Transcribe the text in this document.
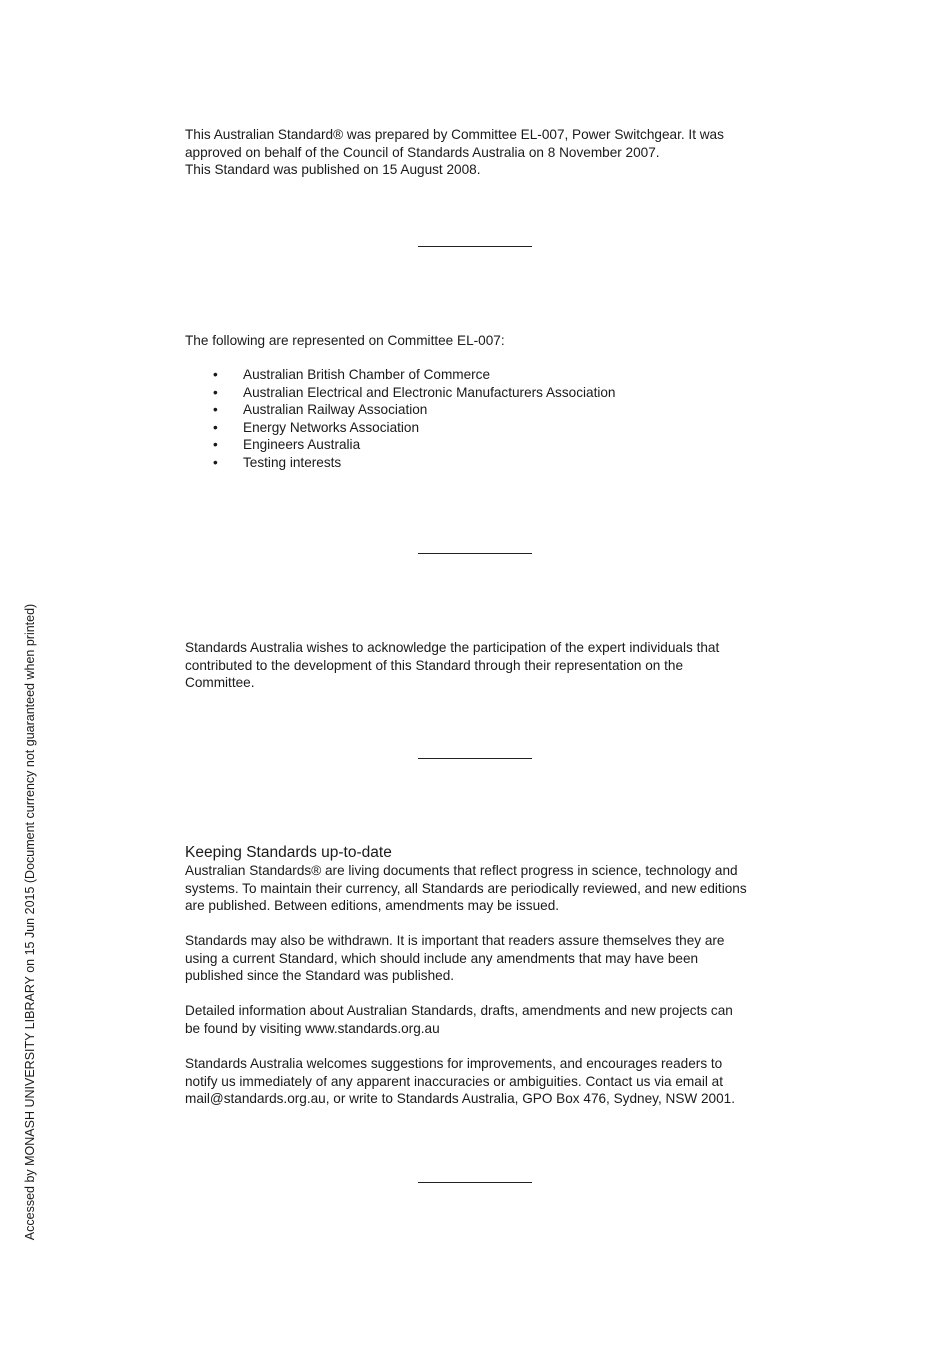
This Australian Standard® was prepared by Committee EL-007, Power Switchgear. It was
approved on behalf of the Council of Standards Australia on 8 November 2007.
This Standard was published on 15 August 2008.
The following are represented on Committee EL-007:
• Australian British Chamber of Commerce
• Australian Electrical and Electronic Manufacturers Association
• Australian Railway Association
• Energy Networks Association
• Engineers Australia
• Testing interests
Standards Australia wishes to acknowledge the participation of the expert individuals that
contributed to the development of this Standard through their representation on the
Committee.
Keeping Standards up-to-date
Australian Standards® are living documents that reflect progress in science, technology and
systems. To maintain their currency, all Standards are periodically reviewed, and new editions
are published. Between editions, amendments may be issued.
Standards may also be withdrawn. It is important that readers assure themselves they are
using a current Standard, which should include any amendments that may have been
published since the Standard was published.
Detailed information about Australian Standards, drafts, amendments and new projects can
be found by visiting www.standards.org.au
Standards Australia welcomes suggestions for improvements, and encourages readers to
notify us immediately of any apparent inaccuracies or ambiguities. Contact us via email at
mail@standards.org.au, or write to Standards Australia, GPO Box 476, Sydney, NSW 2001.
Accessed by MONASH UNIVERSITY LIBRARY on 15 Jun 2015 (Document currency not guaranteed when printed)
